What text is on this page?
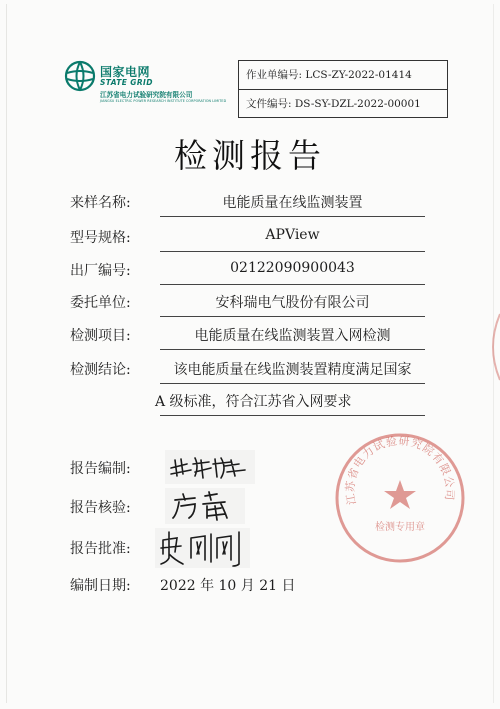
国家电网
STATE GRID
江苏省电力试验研究院有限公司
JIANGSU ELECTRIC POWER RESEARCH INSTITUTE CORPORATION LIMITED
作业单编号: LCS-ZY-2022-01414
文件编号: DS-SY-DZL-2022-00001
检测报告
来样名称:	电能质量在线监测装置
型号规格:	APView
出厂编号:	02122090900043
委托单位:	安科瑞电气股份有限公司
检测项目:	电能质量在线监测装置入网检测
检测结论:	该电能质量在线监测装置精度满足国家
A 级标准，符合江苏省入网要求
报告编制:
报告核验:
报告批准:
编制日期: 2022 年 10 月 21 日
江苏省电力试验研究院有限公司
检测专用章
